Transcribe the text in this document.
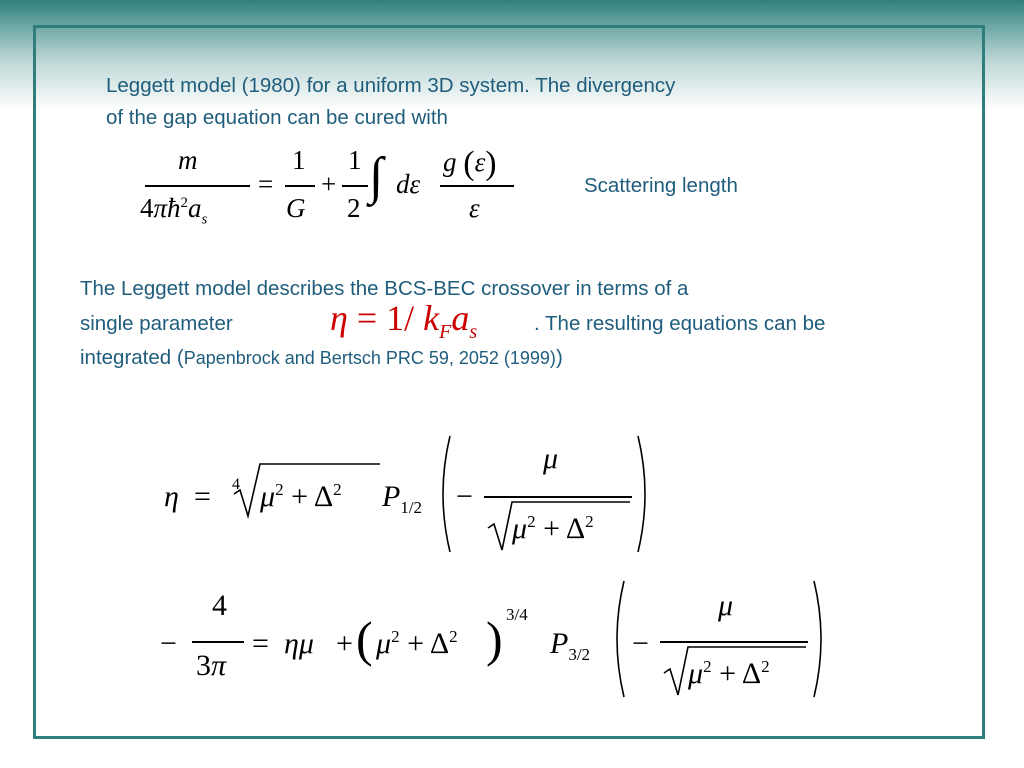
Leggett model (1980) for a uniform 3D system. The divergency
of the gap equation can be cured with
m
$4\pi ħ^2a_s$
=
1
G
+
1
2
∫ dε
g (ε)
ε
Scattering length
The Leggett model describes the BCS-BEC crossover in terms of a
single parameter	η = 1/ $k_Fa_s$	. The resulting equations can be
integrated (Papenbrock and Bertsch PRC 59, 2052 (1999))
η = 4 $\mu^2 + \Delta^2$ $P_{1/2}$ −
μ
$\mu^2 + \Delta^2$
−
4
3π
= ημ + ( $\mu^2 + \Delta^2$ ) 3/4
$P_{3/2}$ −
μ
$\mu^2 + \Delta^2$
